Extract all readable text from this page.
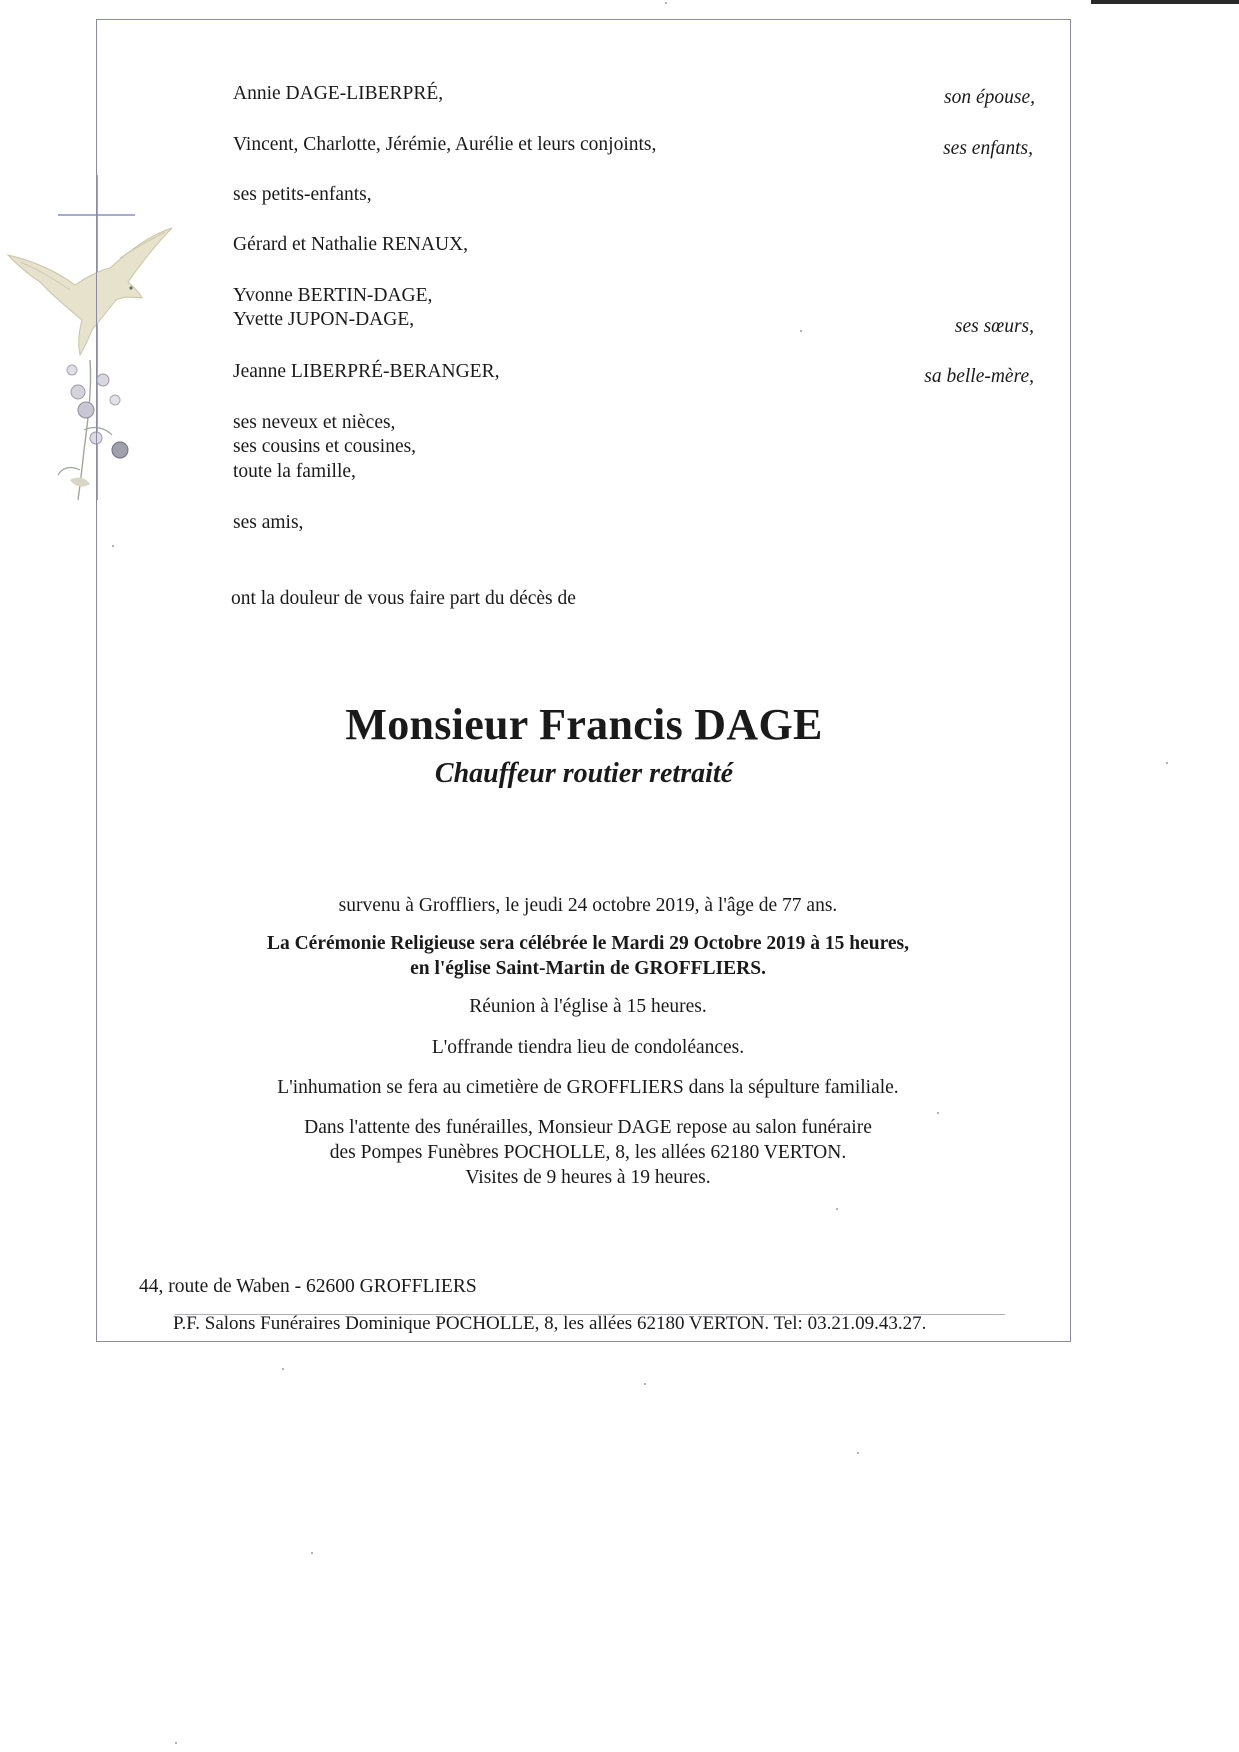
Annie DAGE-LIBERPRÉ,	son épouse,
Vincent, Charlotte, Jérémie, Aurélie et leurs conjoints,	ses enfants,
ses petits-enfants,
Gérard et Nathalie RENAUX,
Yvonne BERTIN-DAGE,
Yvette JUPON-DAGE,	ses sœurs,
Jeanne LIBERPRÉ-BERANGER,	sa belle-mère,
ses neveux et nièces,
ses cousins et cousines,
toute la famille,
ses amis,
ont la douleur de vous faire part du décès de
Monsieur Francis DAGE
Chauffeur routier retraité
survenu à Groffliers, le jeudi 24 octobre 2019, à l'âge de 77 ans.
La Cérémonie Religieuse sera célébrée le Mardi 29 Octobre 2019 à 15 heures,
en l'église Saint-Martin de GROFFLIERS.
Réunion à l'église à 15 heures.
L'offrande tiendra lieu de condoléances.
L'inhumation se fera au cimetière de GROFFLIERS dans la sépulture familiale.
Dans l'attente des funérailles, Monsieur DAGE repose au salon funéraire
des Pompes Funèbres POCHOLLE, 8, les allées 62180 VERTON.
Visites de 9 heures à 19 heures.
44, route de Waben - 62600 GROFFLIERS
P.F. Salons Funéraires Dominique POCHOLLE, 8, les allées 62180 VERTON. Tel: 03.21.09.43.27.
